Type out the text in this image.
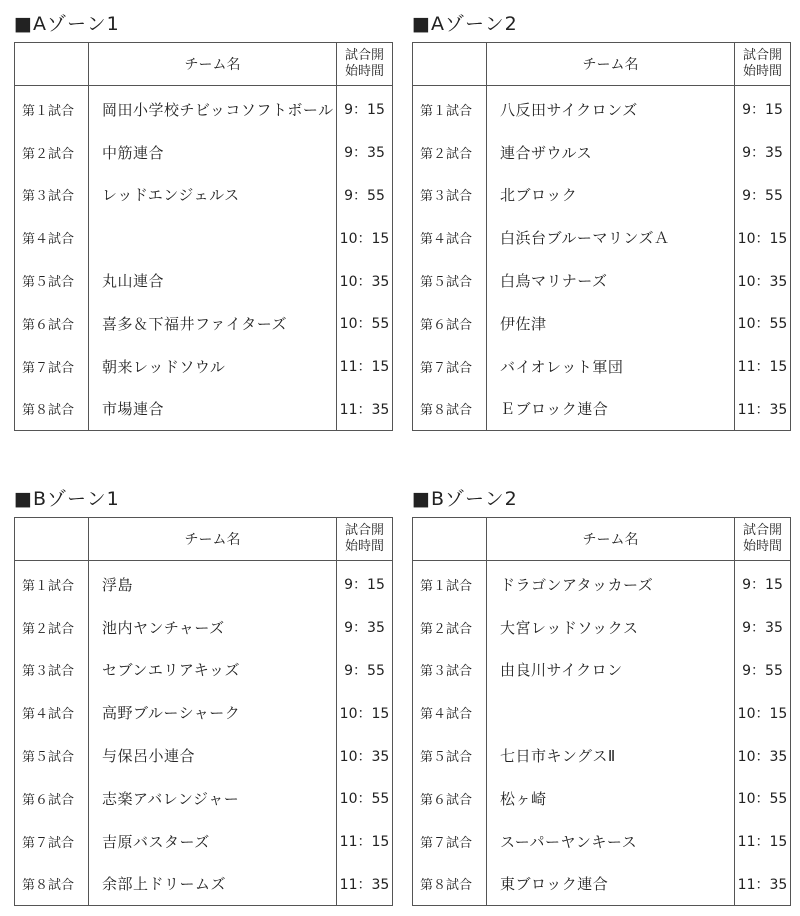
■Aゾーン1
	チーム名	試合開
始時間

第１試合	岡田小学校チビッコソフトボール	9：15
第２試合	中筋連合	9：35
第３試合	レッドエンジェルス	9：55
第４試合		10：15
第５試合	丸山連合	10：35
第６試合	喜多＆下福井ファイターズ	10：55
第７試合	朝来レッドソウル	11：15
第８試合	市場連合	11：35
■Aゾーン2
	チーム名	試合開
始時間

第１試合	八反田サイクロンズ	9：15
第２試合	連合ザウルス	9：35
第３試合	北ブロック	9：55
第４試合	白浜台ブルーマリンズＡ	10：15
第５試合	白鳥マリナーズ	10：35
第６試合	伊佐津	10：55
第７試合	バイオレット軍団	11：15
第８試合	Ｅブロック連合	11：35
■Bゾーン1
	チーム名	試合開
始時間

第１試合	浮島	9：15
第２試合	池内ヤンチャーズ	9：35
第３試合	セブンエリアキッズ	9：55
第４試合	高野ブルーシャーク	10：15
第５試合	与保呂小連合	10：35
第６試合	志楽アバレンジャー	10：55
第７試合	吉原バスターズ	11：15
第８試合	余部上ドリームズ	11：35
■Bゾーン2
	チーム名	試合開
始時間

第１試合	ドラゴンアタッカーズ	9：15
第２試合	大宮レッドソックス	9：35
第３試合	由良川サイクロン	9：55
第４試合		10：15
第５試合	七日市キングスⅡ	10：35
第６試合	松ヶ崎	10：55
第７試合	スーパーヤンキース	11：15
第８試合	東ブロック連合	11：35
